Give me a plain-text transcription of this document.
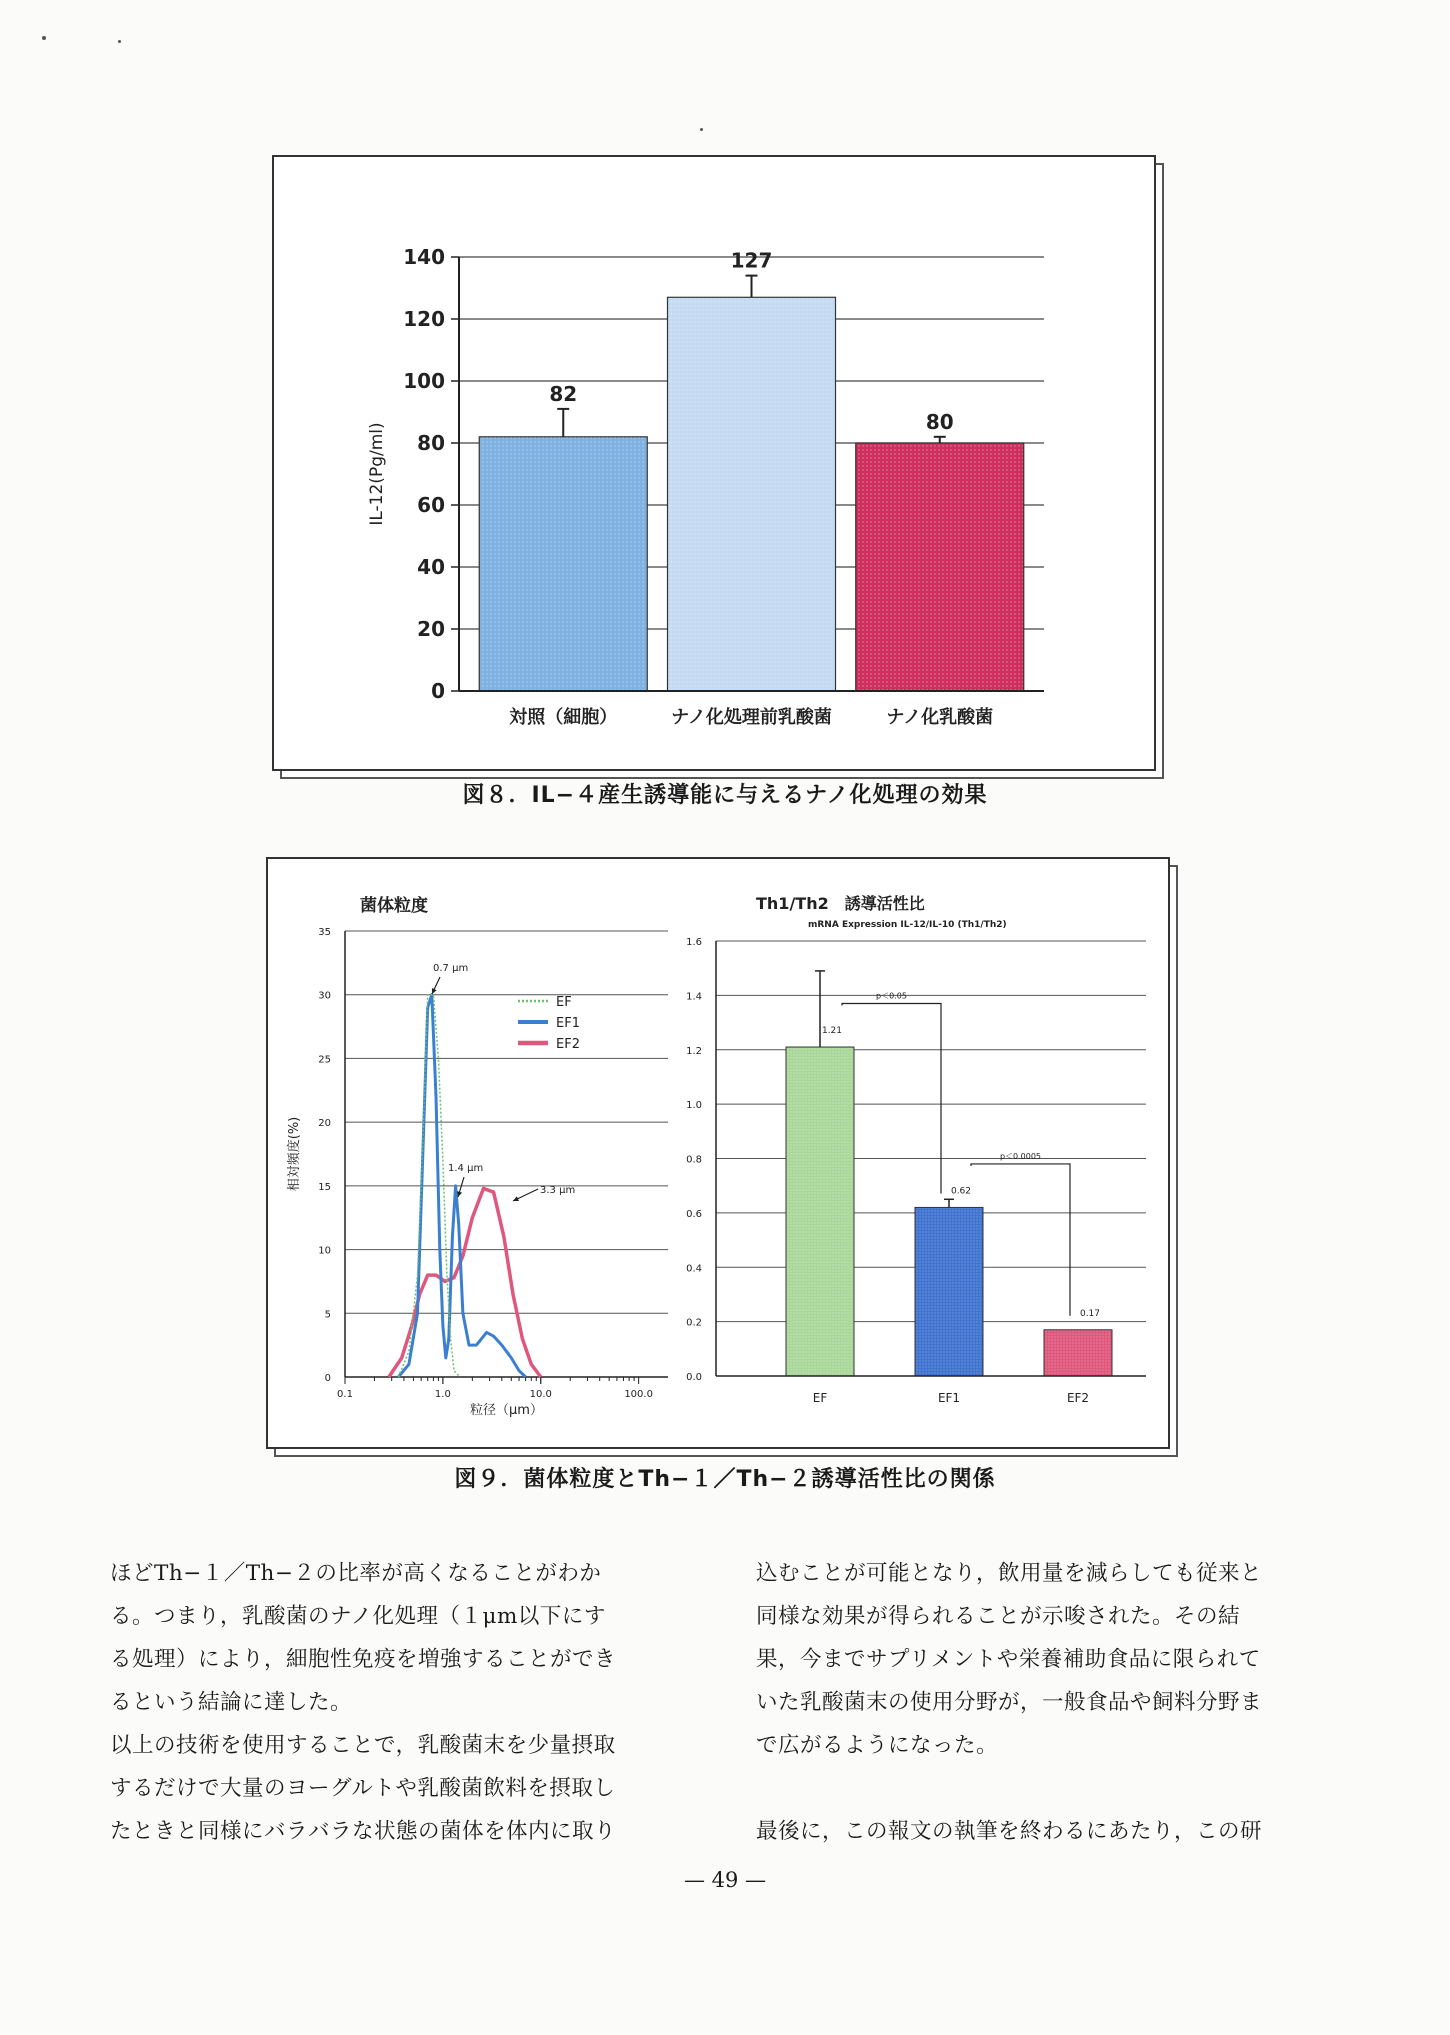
0
20
40
60
80
100
120
140
IL-12(Pg/ml)
82
対照（細胞）
127
ナノ化処理前乳酸菌
80
ナノ化乳酸菌
図８．IL−４産生誘導能に与えるナノ化処理の効果
菌体粒度
0
5
10
15
20
25
30
35
0.1	1.0	10.0	100.0
粒径（μm）
相対頻度(%)
EF
EF1
EF2
0.7 μm
1.4 μm
3.3 μm
Th1/Th2　誘導活性比
mRNA Expression IL-12/IL-10 (Th1/Th2)
0.0
0.2
0.4
0.6
0.8
1.0
1.2
1.4
1.6
1.21
EF
0.62
EF1
0.17
EF2
p＜0.05
p＜0.0005
図９．菌体粒度とTh−１／Th−２誘導活性比の関係

ほどTh−１／Th−２の比率が高くなることがわか

る。つまり，乳酸菌のナノ化処理（１μm以下にす

る処理）により，細胞性免疫を増強することができ

るという結論に達した。

以上の技術を使用することで，乳酸菌末を少量摂取

するだけで大量のヨーグルトや乳酸菌飲料を摂取し

たときと同様にバラバラな状態の菌体を体内に取り

込むことが可能となり，飲用量を減らしても従来と

同様な効果が得られることが示唆された。その結

果，今までサプリメントや栄養補助食品に限られて

いた乳酸菌末の使用分野が，一般食品や飼料分野ま

で広がるようになった。

最後に，この報文の執筆を終わるにあたり，この研

— 49 —
